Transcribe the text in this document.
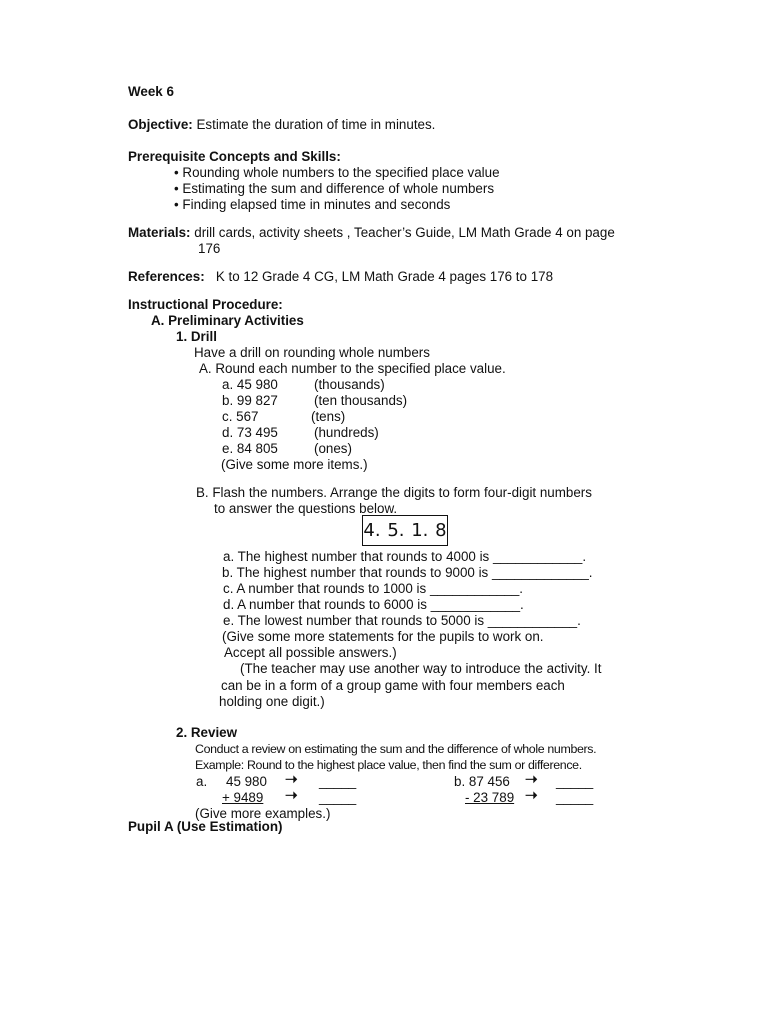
Week 6
Objective: Estimate the duration of time in minutes.
Prerequisite Concepts and Skills:
• Rounding whole numbers to the specified place value
• Estimating the sum and difference of whole numbers
• Finding elapsed time in minutes and seconds
Materials: drill cards, activity sheets , Teacher’s Guide, LM Math Grade 4 on page
176
References: K to 12 Grade 4 CG, LM Math Grade 4 pages 176 to 178
Instructional Procedure:
A. Preliminary Activities
1. Drill
Have a drill on rounding whole numbers
A. Round each number to the specified place value.
a. 45 980	(thousands)
b. 99 827	(ten thousands)
c. 567	(tens)
d. 73 495	(hundreds)
e. 84 805	(ones)
(Give some more items.)
B. Flash the numbers. Arrange the digits to form four-digit numbers
to answer the questions below.
4. 5. 1. 8
a. The highest number that rounds to 4000 is ____________.
b. The highest number that rounds to 9000 is _____________.
c. A number that rounds to 1000 is ____________.
d. A number that rounds to 6000 is ____________.
e. The lowest number that rounds to 5000 is ____________.
(Give some more statements for the pupils to work on.
Accept all possible answers.)
(The teacher may use another way to introduce the activity. It
can be in a form of a group game with four members each
holding one digit.)
2. Review
Conduct a review on estimating the sum and the difference of whole numbers.
Example: Round to the highest place value, then find the sum or difference.
a. 45 980 ➝ _____
+ 9489 ➝ _____
b. 87 456 ➝ _____
- 23 789 ➝ _____
(Give more examples.)
Pupil A (Use Estimation)
